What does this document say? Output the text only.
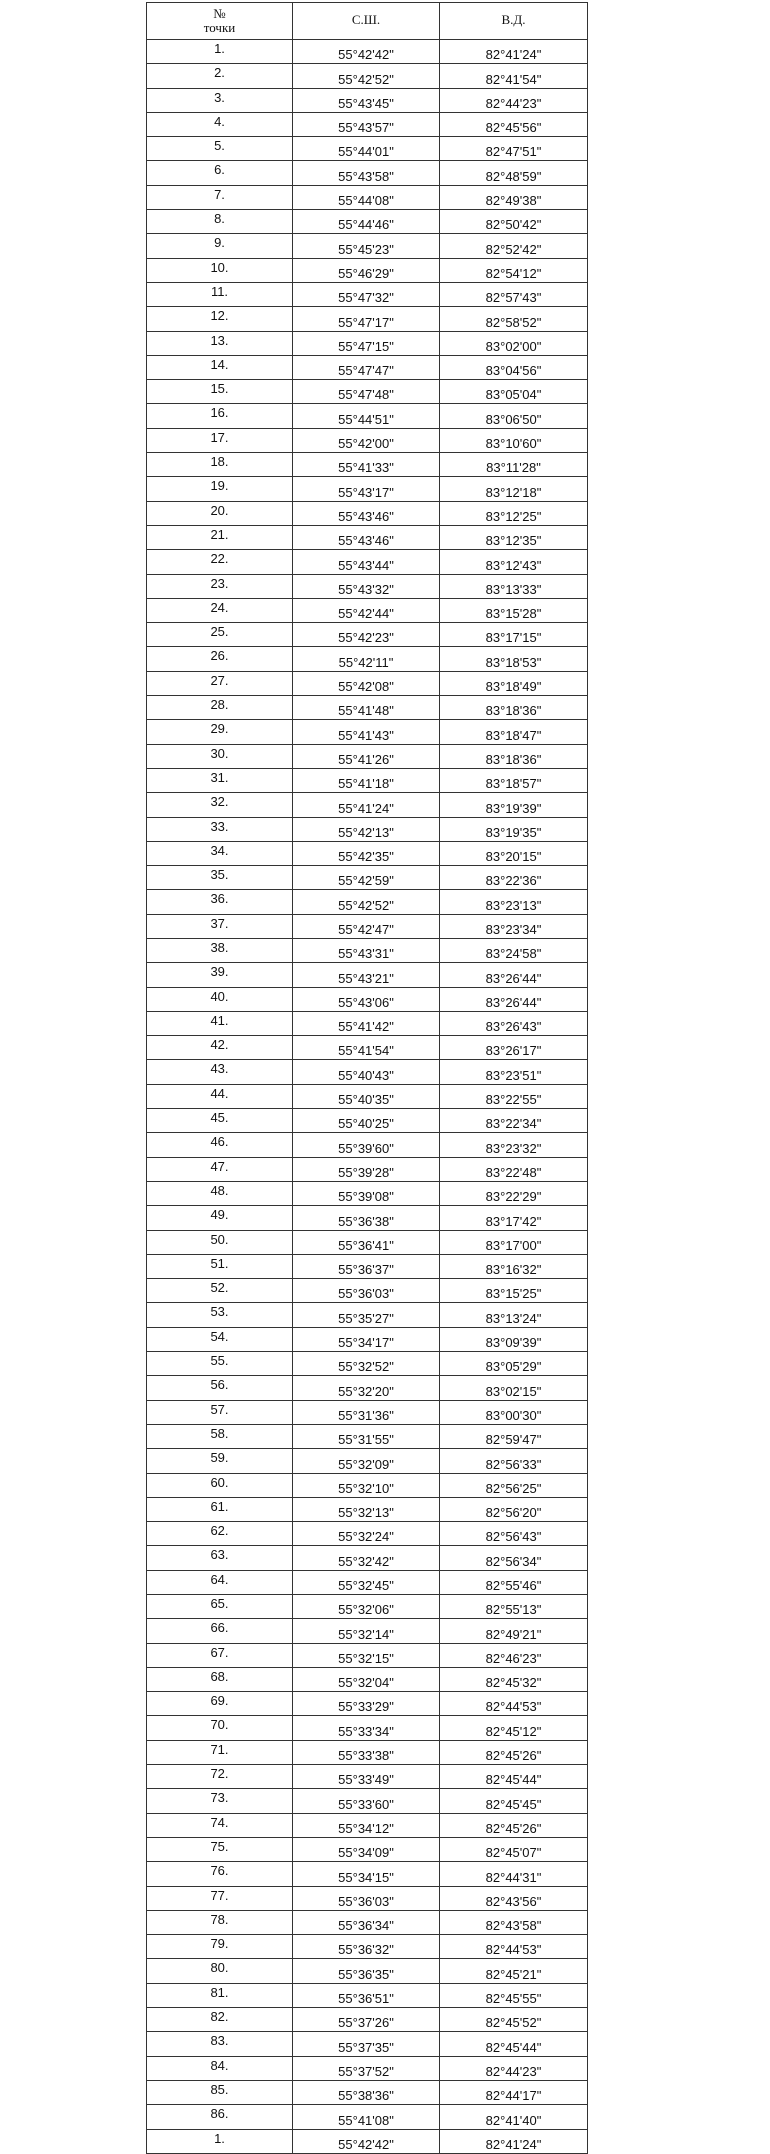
№
точки	С.Ш.	В.Д.
1.	55°42'42"	82°41'24"
2.	55°42'52"	82°41'54"
3.	55°43'45"	82°44'23"
4.	55°43'57"	82°45'56"
5.	55°44'01"	82°47'51"
6.	55°43'58"	82°48'59"
7.	55°44'08"	82°49'38"
8.	55°44'46"	82°50'42"
9.	55°45'23"	82°52'42"
10.	55°46'29"	82°54'12"
11.	55°47'32"	82°57'43"
12.	55°47'17"	82°58'52"
13.	55°47'15"	83°02'00"
14.	55°47'47"	83°04'56"
15.	55°47'48"	83°05'04"
16.	55°44'51"	83°06'50"
17.	55°42'00"	83°10'60"
18.	55°41'33"	83°11'28"
19.	55°43'17"	83°12'18"
20.	55°43'46"	83°12'25"
21.	55°43'46"	83°12'35"
22.	55°43'44"	83°12'43"
23.	55°43'32"	83°13'33"
24.	55°42'44"	83°15'28"
25.	55°42'23"	83°17'15"
26.	55°42'11"	83°18'53"
27.	55°42'08"	83°18'49"
28.	55°41'48"	83°18'36"
29.	55°41'43"	83°18'47"
30.	55°41'26"	83°18'36"
31.	55°41'18"	83°18'57"
32.	55°41'24"	83°19'39"
33.	55°42'13"	83°19'35"
34.	55°42'35"	83°20'15"
35.	55°42'59"	83°22'36"
36.	55°42'52"	83°23'13"
37.	55°42'47"	83°23'34"
38.	55°43'31"	83°24'58"
39.	55°43'21"	83°26'44"
40.	55°43'06"	83°26'44"
41.	55°41'42"	83°26'43"
42.	55°41'54"	83°26'17"
43.	55°40'43"	83°23'51"
44.	55°40'35"	83°22'55"
45.	55°40'25"	83°22'34"
46.	55°39'60"	83°23'32"
47.	55°39'28"	83°22'48"
48.	55°39'08"	83°22'29"
49.	55°36'38"	83°17'42"
50.	55°36'41"	83°17'00"
51.	55°36'37"	83°16'32"
52.	55°36'03"	83°15'25"
53.	55°35'27"	83°13'24"
54.	55°34'17"	83°09'39"
55.	55°32'52"	83°05'29"
56.	55°32'20"	83°02'15"
57.	55°31'36"	83°00'30"
58.	55°31'55"	82°59'47"
59.	55°32'09"	82°56'33"
60.	55°32'10"	82°56'25"
61.	55°32'13"	82°56'20"
62.	55°32'24"	82°56'43"
63.	55°32'42"	82°56'34"
64.	55°32'45"	82°55'46"
65.	55°32'06"	82°55'13"
66.	55°32'14"	82°49'21"
67.	55°32'15"	82°46'23"
68.	55°32'04"	82°45'32"
69.	55°33'29"	82°44'53"
70.	55°33'34"	82°45'12"
71.	55°33'38"	82°45'26"
72.	55°33'49"	82°45'44"
73.	55°33'60"	82°45'45"
74.	55°34'12"	82°45'26"
75.	55°34'09"	82°45'07"
76.	55°34'15"	82°44'31"
77.	55°36'03"	82°43'56"
78.	55°36'34"	82°43'58"
79.	55°36'32"	82°44'53"
80.	55°36'35"	82°45'21"
81.	55°36'51"	82°45'55"
82.	55°37'26"	82°45'52"
83.	55°37'35"	82°45'44"
84.	55°37'52"	82°44'23"
85.	55°38'36"	82°44'17"
86.	55°41'08"	82°41'40"
1.	55°42'42"	82°41'24"
